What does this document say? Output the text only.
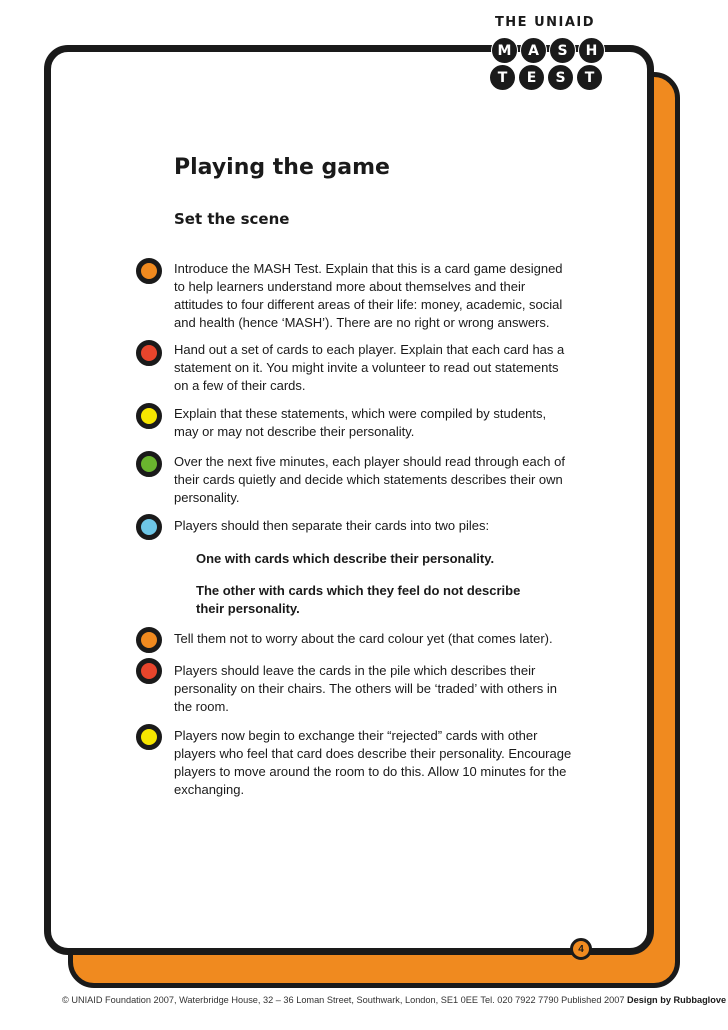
THE UNIAID
M	A	S	H
T	E	S	T
Playing the game
Set the scene
Introduce the MASH Test. Explain that this is a card game designed to help learners understand more about themselves and their attitudes to four different areas of their life: money, academic, social and health (hence ‘MASH’). There are no right or wrong answers.
Hand out a set of cards to each player. Explain that each card has a statement on it. You might invite a volunteer to read out statements on a few of their cards.
Explain that these statements, which were compiled by students, may or may not describe their personality.
Over the next five minutes, each player should read through each of their cards quietly and decide which statements describes their own personality.
Players should then separate their cards into two piles:
One with cards which describe their personality.
The other with cards which they feel do not describe their personality.
Tell them not to worry about the card colour yet (that comes later).
Players should leave the cards in the pile which describes their personality on their chairs. The others will be ‘traded’ with others in the room.
Players now begin to exchange their “rejected” cards with other players who feel that card does describe their personality. Encourage players to move around the room to do this. Allow 10 minutes for the exchanging.
4
© UNIAID Foundation 2007, Waterbridge House, 32 – 36 Loman Street, Southwark, London, SE1 0EE Tel. 020 7922 7790 Published 2007 Design by Rubbaglove
